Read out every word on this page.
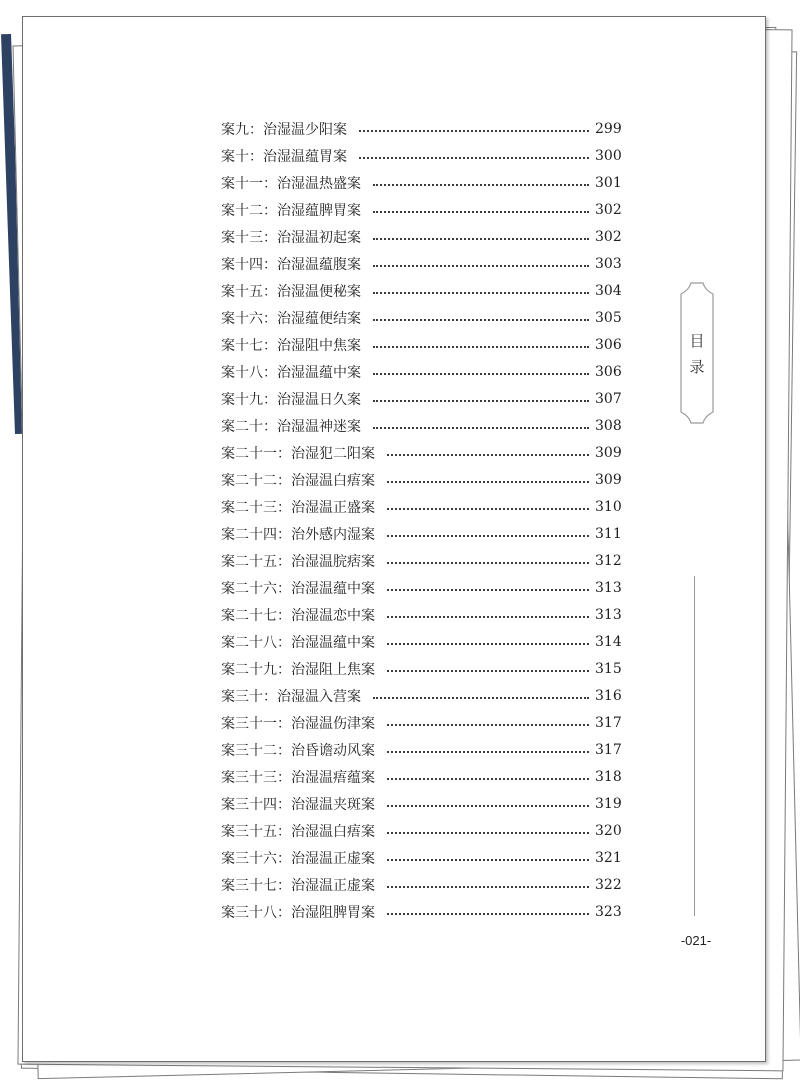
案九：治湿温少阳案	299
案十：治湿温蕴胃案	300
案十一：治湿温热盛案	301
案十二：治湿蕴脾胃案	302
案十三：治湿温初起案	302
案十四：治湿温蕴腹案	303
案十五：治湿温便秘案	304
案十六：治湿蕴便结案	305
案十七：治湿阻中焦案	306
案十八：治湿温蕴中案	306
案十九：治湿温日久案	307
案二十：治湿温神迷案	308
案二十一：治湿犯二阳案	309
案二十二：治湿温白痦案	309
案二十三：治湿温正盛案	310
案二十四：治外感内湿案	311
案二十五：治湿温脘痞案	312
案二十六：治湿温蕴中案	313
案二十七：治湿温恋中案	313
案二十八：治湿温蕴中案	314
案二十九：治湿阻上焦案	315
案三十：治湿温入营案	316
案三十一：治湿温伤津案	317
案三十二：治昏谵动风案	317
案三十三：治湿温痦蕴案	318
案三十四：治湿温夹斑案	319
案三十五：治湿温白痦案	320
案三十六：治湿温正虚案	321
案三十七：治湿温正虚案	322
案三十八：治湿阻脾胃案	323
目
录
-021-
